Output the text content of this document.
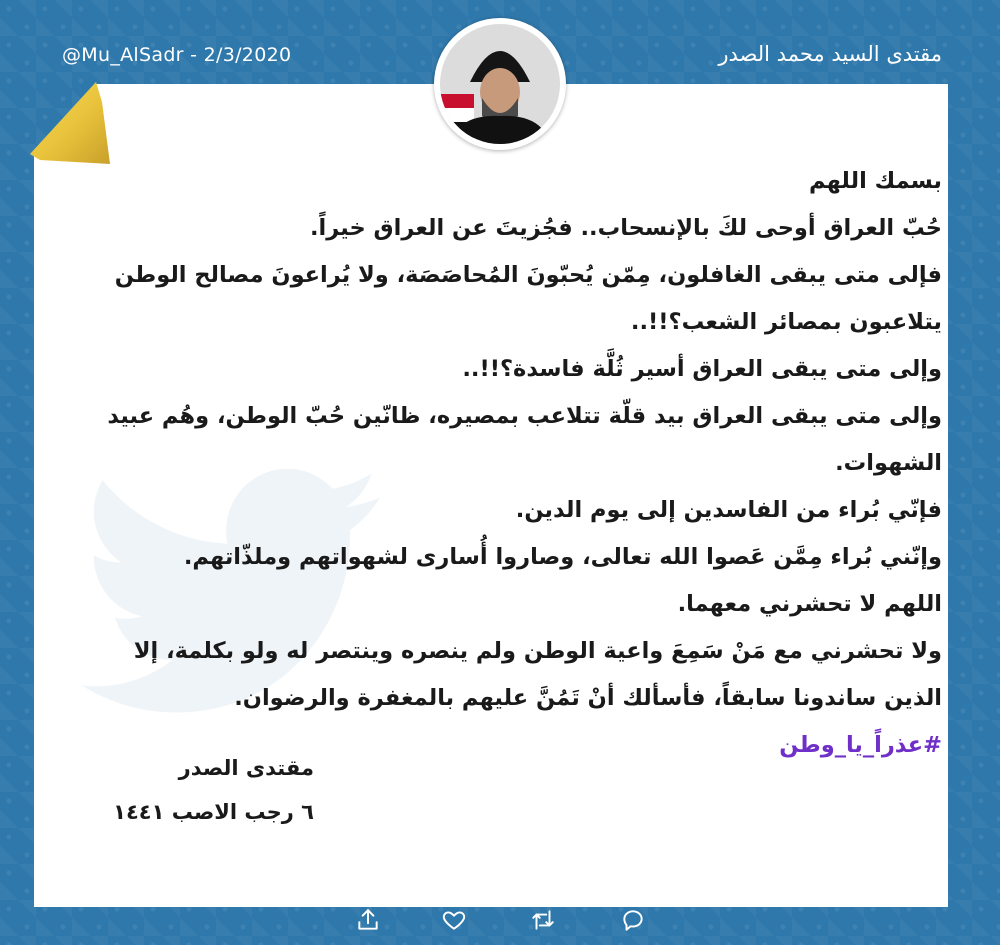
@Mu_AlSadr - 2/3/2020	مقتدى السيد محمد الصدر
بسمك اللهم
حُبّ العراق أوحى لكَ بالإنسحاب.. فجُزيتَ عن العراق خيراً.
فإلى متى يبقى الغافلون، مِمّن يُحبّونَ المُحاصَصَة، ولا يُراعونَ مصالح الوطن
يتلاعبون بمصائر الشعب؟!!..
وإلى متى يبقى العراق أسير ثُلَّة فاسدة؟!!..
وإلى متى يبقى العراق بيد قلّة تتلاعب بمصيره، ظانّين حُبّ الوطن، وهُم عبيد
الشهوات.
فإنّي بُراء من الفاسدين إلى يوم الدين.
وإنّني بُراء مِمَّن عَصوا الله تعالى، وصاروا أُسارى لشهواتهم وملذّاتهم.
اللهم لا تحشرني معهما.
ولا تحشرني مع مَنْ سَمِعَ واعية الوطن ولم ينصره وينتصر له ولو بكلمة، إلا
الذين ساندونا سابقاً، فأسألك أنْ تَمُنَّ عليهم بالمغفرة والرضوان.
#عذراً_يا_وطن
مقتدى الصدر
٦ رجب الاصب ١٤٤١
